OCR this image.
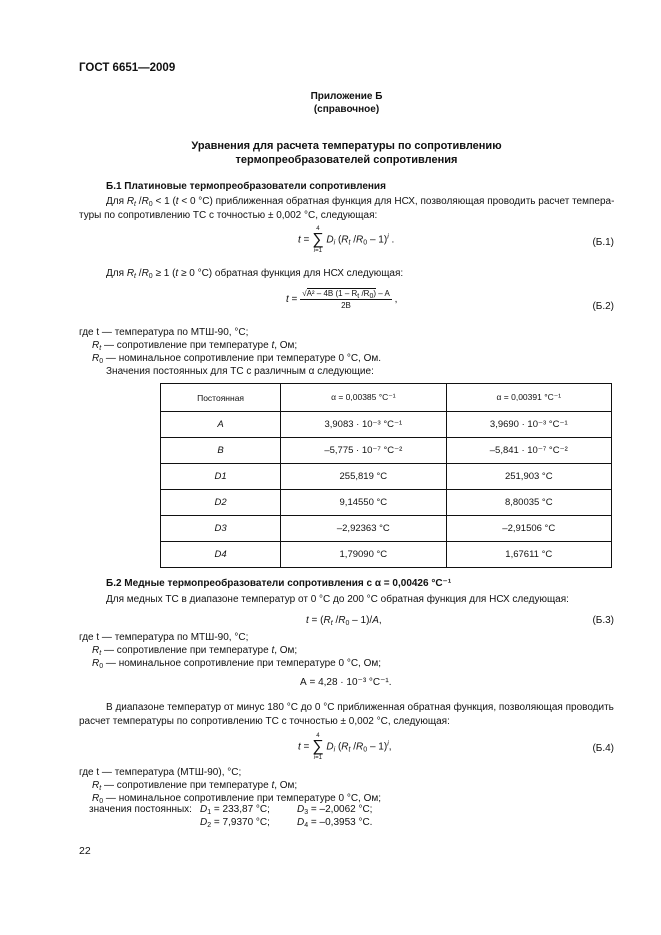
ГОСТ 6651—2009
Приложение Б
(справочное)
Уравнения для расчета температуры по сопротивлению
термопреобразователей сопротивления
Б.1 Платиновые термопреобразователи сопротивления
Для $R_t$ $/R_0 < 1$ (t < 0 °С) приближенная обратная функция для НСХ, позволяющая проводить расчет темпера-
туры по сопротивлению ТС с точностью ± 0,002 °С, следующая:
t =
4
∑
i=1
$D_i$ ($R_t$ $/R_0 - 1)^i$ .	(Б.1)
Для $R_t$ $/R_0 \ge 1$ (t ≥ 0 °С) обратная функция для НСХ следующая:
$t = \frac{√A^2 - 4B (1 - R_t /R_0) - A}{2B}$ ,
(Б.2)
где t — температура по МТШ-90, °С;
$R_t$ — сопротивление при температуре t, Ом;
$R_0$ — номинальное сопротивление при температуре 0 °С, Ом.
Значения постоянных для ТС с различным α следующие:
Постоянная	α = 0,00385 °С⁻¹	α = 0,00391 °С⁻¹
A	3,9083 · 10⁻³ °С⁻¹	3,9690 · 10⁻³ °С⁻¹
B	–5,775 · 10⁻⁷ °С⁻²	–5,841 · 10⁻⁷ °С⁻²
D1	255,819 °С	251,903 °С
D2	9,14550 °С	8,80035 °С
D3	–2,92363 °С	–2,91506 °С
D4	1,79090 °С	1,67611 °С
Б.2 Медные термопреобразователи сопротивления с α = 0,00426 °С⁻¹
Для медных ТС в диапазоне температур от 0 °С до 200 °С обратная функция для НСХ следующая:
$t = (R_t$ $/R_0 - 1)/A$,	(Б.3)
где t — температура по МТШ-90, °С;
$R_t$ — сопротивление при температуре t, Ом;
$R_0$ — номинальное сопротивление при температуре 0 °С, Ом;
А = 4,28 · 10⁻³ °С⁻¹.
В диапазоне температур от минус 180 °С до 0 °С приближенная обратная функция, позволяющая проводить
расчет температуры по сопротивлению ТС с точностью ± 0,002 °С, следующая:
t =
4
∑
i=1
$D_i$ ($R_t$ $/R_0 - 1)^i$,	(Б.4)
где t — температура (МТШ-90), °С;
$R_t$ — сопротивление при температуре t, Ом;
$R_0$ — номинальное сопротивление при температуре 0 °С, Ом;
значения постоянных: $D_1 = 233,87$ °С;	$D_3 = -2,0062$ °С;
$D_2 = 7,9370$ °С;	$D_4 = -0,3953$ °С.
22
